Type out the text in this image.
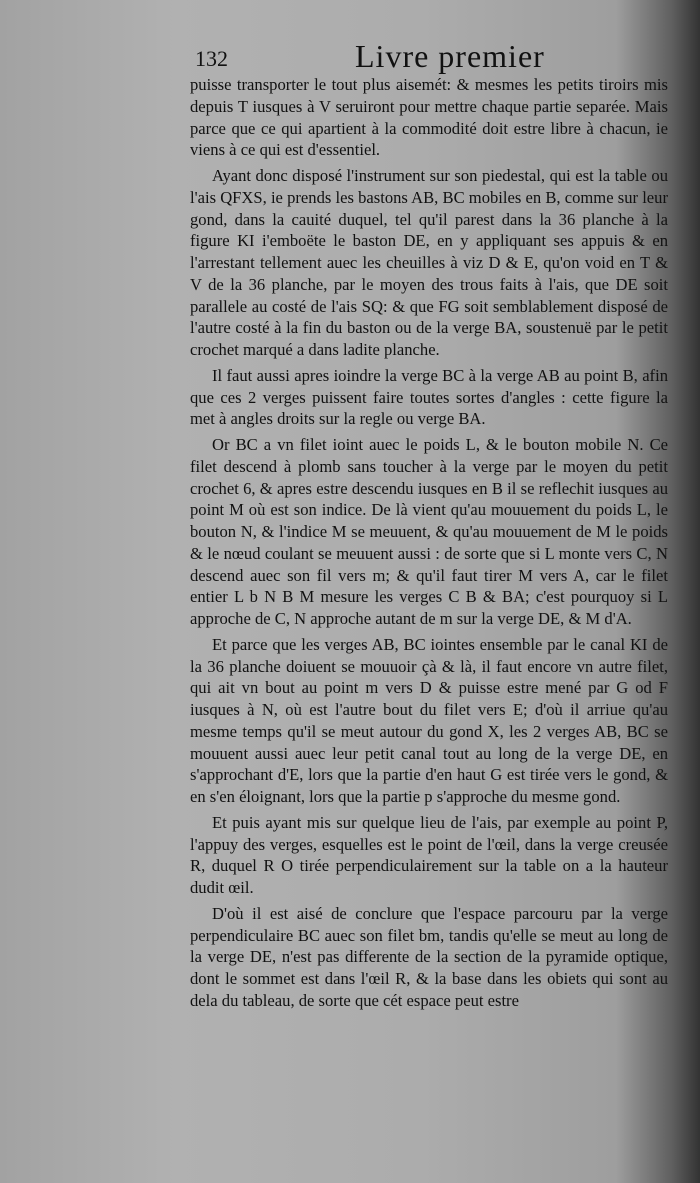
132	Livre premier

puisse transporter le tout plus aisemét: & mesmes les petits tiroirs mis depuis T iusques à V seruiront pour mettre chaque partie separée. Mais parce que ce qui apartient à la commodité doit estre libre à chacun, ie viens à ce qui est d'essentiel.

Ayant donc disposé l'instrument sur son piedestal, qui est la table ou l'ais QFXS, ie prends les bastons AB, BC mobiles en B, comme sur leur gond, dans la cauité duquel, tel qu'il parest dans la 36 planche à la figure KI i'emboëte le baston DE, en y appliquant ses appuis & en l'arrestant tellement auec les cheuilles à viz D & E, qu'on void en T & V de la 36 planche, par le moyen des trous faits à l'ais, que DE soit parallele au costé de l'ais SQ: & que FG soit semblablement disposé de l'autre costé à la fin du baston ou de la verge BA, soustenuë par le petit crochet marqué a dans ladite planche.

Il faut aussi apres ioindre la verge BC à la verge AB au point B, afin que ces 2 verges puissent faire toutes sortes d'angles : cette figure la met à angles droits sur la regle ou verge BA.

Or BC a vn filet ioint auec le poids L, & le bouton mobile N. Ce filet descend à plomb sans toucher à la verge par le moyen du petit crochet 6, & apres estre descendu iusques en B il se reflechit iusques au point M où est son indice. De là vient qu'au mouuement du poids L, le bouton N, & l'indice M se meuuent, & qu'au mouuement de M le poids & le nœud coulant se meuuent aussi : de sorte que si L monte vers C, N descend auec son fil vers m; & qu'il faut tirer M vers A, car le filet entier L b N B M mesure les verges C B & BA; c'est pourquoy si L approche de C, N approche autant de m sur la verge DE, & M d'A.

Et parce que les verges AB, BC iointes ensemble par le canal KI de la 36 planche doiuent se mouuoir çà & là, il faut encore vn autre filet, qui ait vn bout au point m vers D & puisse estre mené par G od F iusques à N, où est l'autre bout du filet vers E; d'où il arriue qu'au mesme temps qu'il se meut autour du gond X, les 2 verges AB, BC se mouuent aussi auec leur petit canal tout au long de la verge DE, en s'approchant d'E, lors que la partie d'en haut G est tirée vers le gond, & en s'en éloignant, lors que la partie p s'approche du mesme gond.

Et puis ayant mis sur quelque lieu de l'ais, par exemple au point P, l'appuy des verges, esquelles est le point de l'œil, dans la verge creusée R, duquel R O tirée perpendiculairement sur la table on a la hauteur dudit œil.

D'où il est aisé de conclure que l'espace parcouru par la verge perpendiculaire BC auec son filet bm, tandis qu'elle se meut au long de la verge DE, n'est pas differente de la section de la pyramide optique, dont le sommet est dans l'œil R, & la base dans les obiets qui sont au dela du tableau, de sorte que cét espace peut estre
